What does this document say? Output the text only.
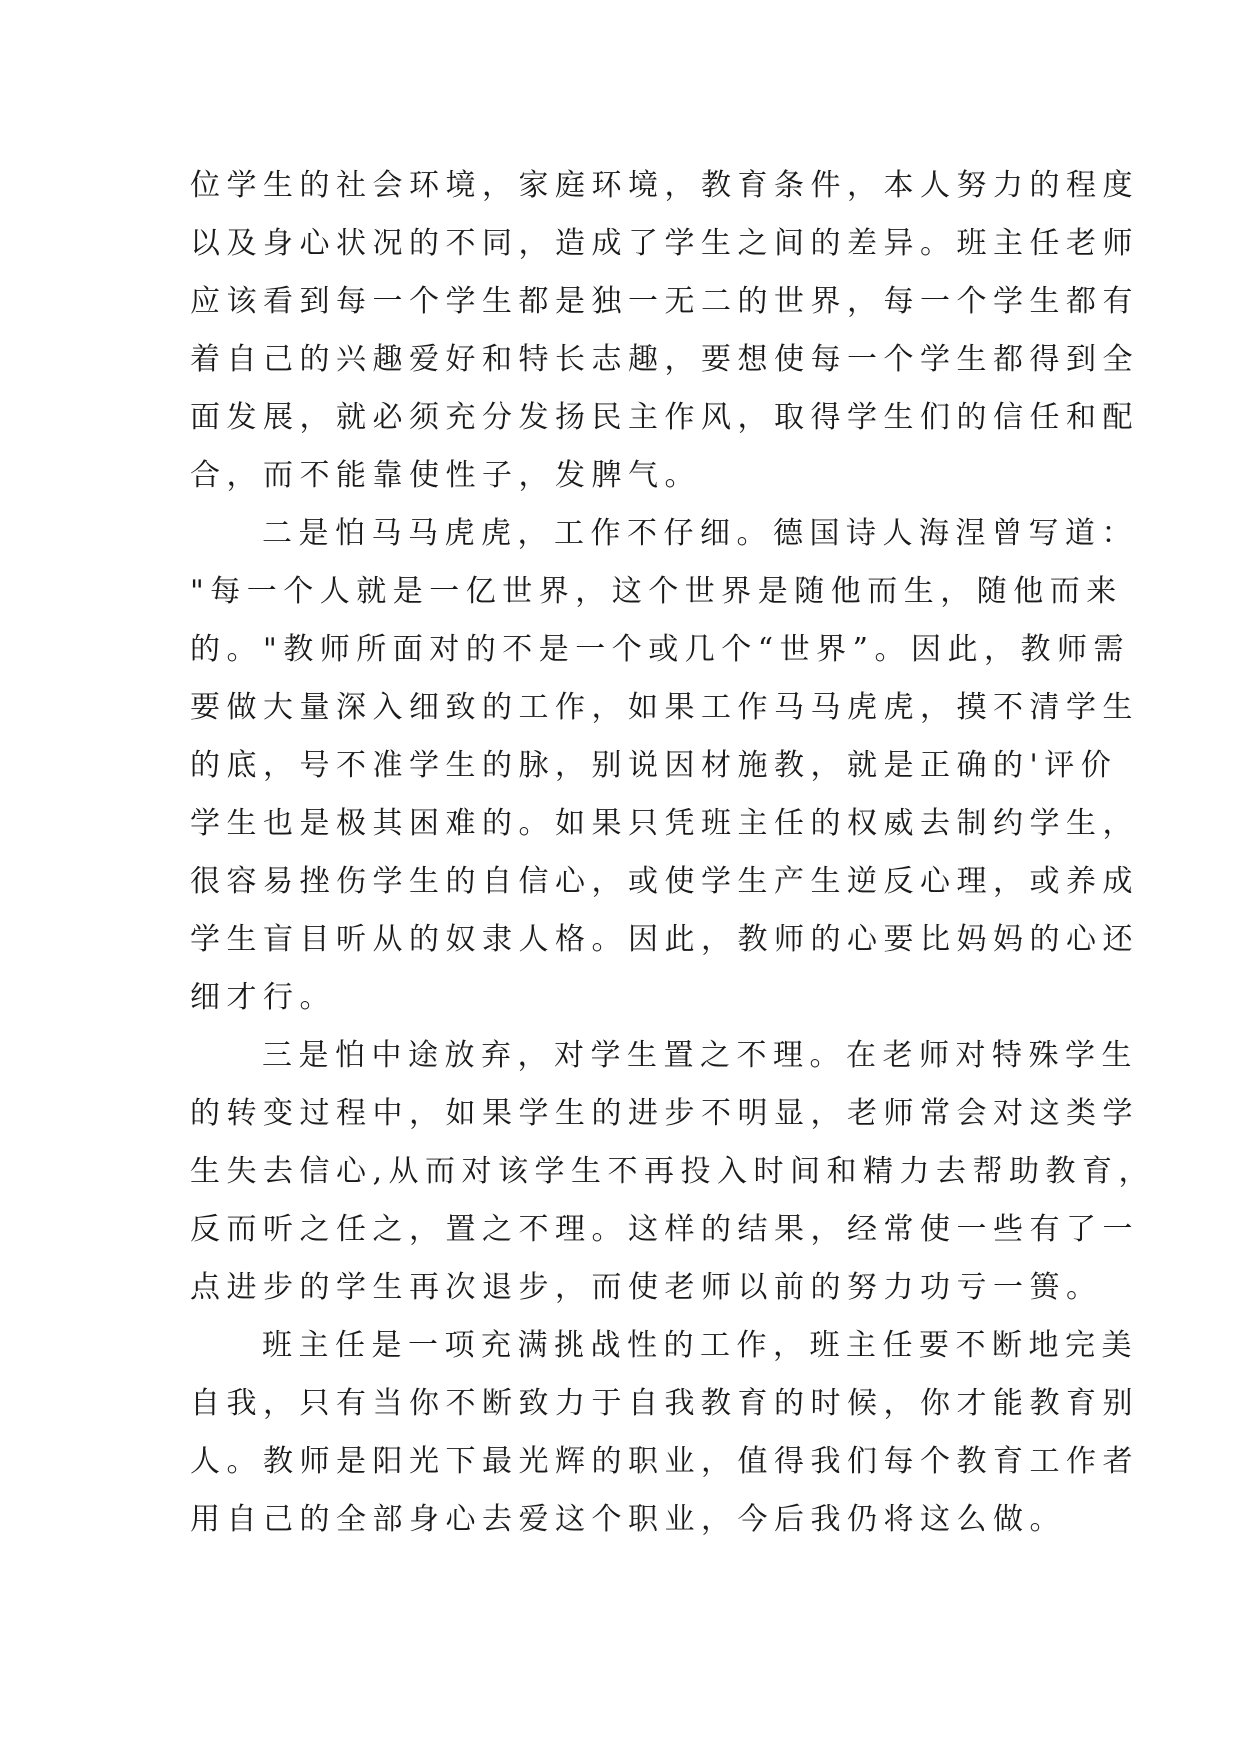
位学生的社会环境，家庭环境，教育条件，本人努力的程度
以及身心状况的不同，造成了学生之间的差异。班主任老师
应该看到每一个学生都是独一无二的世界，每一个学生都有
着自己的兴趣爱好和特长志趣，要想使每一个学生都得到全
面发展，就必须充分发扬民主作风，取得学生们的信任和配
合，而不能靠使性子，发脾气。
二是怕马马虎虎，工作不仔细。德国诗人海涅曾写道：
"每一个人就是一亿世界，这个世界是随他而生，随他而来
的。"教师所面对的不是一个或几个“世界”。因此，教师需
要做大量深入细致的工作，如果工作马马虎虎，摸不清学生
的底，号不准学生的脉，别说因材施教，就是正确的'评价
学生也是极其困难的。如果只凭班主任的权威去制约学生，
很容易挫伤学生的自信心，或使学生产生逆反心理，或养成
学生盲目听从的奴隶人格。因此，教师的心要比妈妈的心还
细才行。
三是怕中途放弃，对学生置之不理。在老师对特殊学生
的转变过程中，如果学生的进步不明显，老师常会对这类学
生失去信心,从而对该学生不再投入时间和精力去帮助教育，
反而听之任之，置之不理。这样的结果，经常使一些有了一
点进步的学生再次退步，而使老师以前的努力功亏一篑。
班主任是一项充满挑战性的工作，班主任要不断地完美
自我，只有当你不断致力于自我教育的时候，你才能教育别
人。教师是阳光下最光辉的职业，值得我们每个教育工作者
用自己的全部身心去爱这个职业，今后我仍将这么做。
